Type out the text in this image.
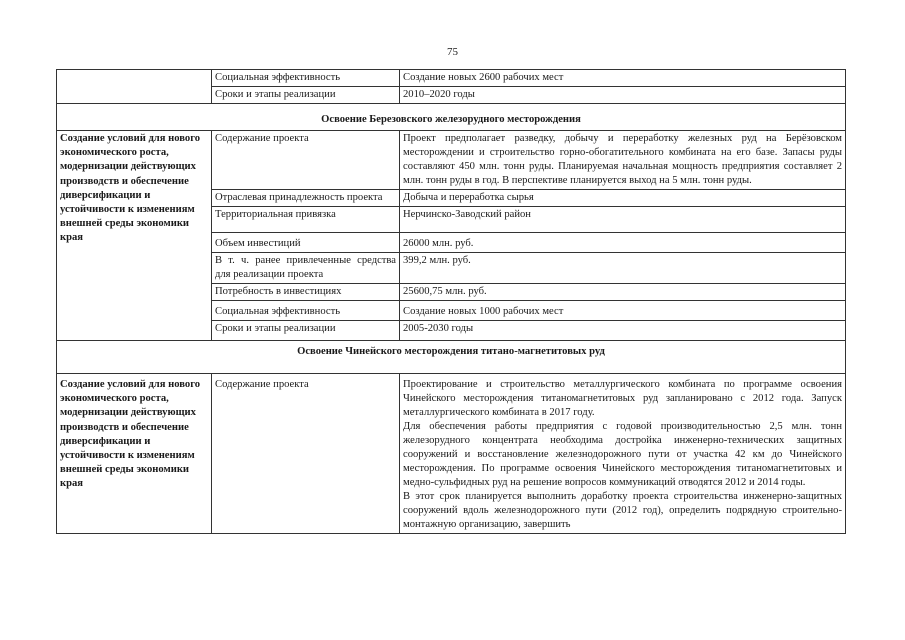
75
	Социальная эффективность	Создание новых 2600 рабочих мест
	Сроки и этапы реализации	2010–2020 годы
Освоение Березовского железорудного месторождения		
Создание условий для нового экономического роста, модернизации действующих производств и обеспечение диверсификации и устойчивости к изменениям внешней среды экономики края	Содержание проекта	Проект предполагает разведку, добычу и переработку железных руд на Берёзовском месторождении и строительство горно-обогатительного комбината на его базе. Запасы руды составляют 450 млн. тонн руды. Планируемая начальная мощность предприятия составляет 2 млн. тонн руды в год. В перспективе планируется выход на 5 млн. тонн руды.
	Отраслевая принадлежность проекта	Добыча и переработка сырья
	Территориальная привязка	Нерчинско-Заводский район
	Объем инвестиций	26000 млн. руб.
	В т. ч. ранее привлеченные средства для реализации проекта	399,2 млн. руб.
	Потребность в инвестициях	25600,75 млн. руб.
	Социальная эффективность	Создание новых 1000 рабочих мест
	Сроки и этапы реализации	2005-2030 годы
Освоение Чинейского месторождения титано-магнетитовых руд		
Создание условий для нового экономического роста, модернизации действующих производств и обеспечение диверсификации и устойчивости к изменениям внешней среды экономики края	Содержание проекта	Проектирование и строительство металлургического комбината по программе освоения Чинейского месторождения титаномагнетитовых руд запланировано с 2012 года. Запуск металлургического комбината в 2017 году.
Для обеспечения работы предприятия с годовой производительностью 2,5 млн. тонн железорудного концентрата необходима достройка инженерно-технических защитных сооружений и восстановление железнодорожного пути от участка 42 км до Чинейского месторождения. По программе освоения Чинейского месторождения титаномагнетитовых и медно-сульфидных руд на решение вопросов коммуникаций отводятся 2012 и 2014 годы.
В этот срок планируется выполнить доработку проекта строительства инженерно-защитных сооружений вдоль железнодорожного пути (2012 год), определить подрядную строительно-монтажную организацию, завершить
